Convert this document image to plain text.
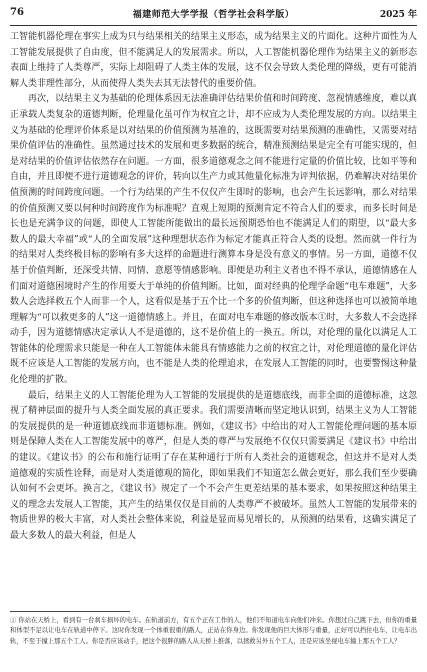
76	福建师范大学学报（哲学社会科学版）	2025 年

工智能机器伦理在事实上成为只与结果相关的结果主义形态，成为结果主义的片面化。这种片面性为人工智能发展提供了自由度，但不能满足人的发展需求。所以，人工智能机器伦理作为结果主义的新形态表面上维持了人类尊严，实际上却阻碍了人类主体的发展，这不仅会导致人类伦理的降级，更有可能消解人类非理性部分，从而使得人类失去其无法替代的重要价值。

再次，以结果主义为基础的伦理体系因无法准确评估结果价值和时间跨度、忽视情感维度，难以真正承载人类复杂的道德判断，伦理量化虽可作为权宜之计，却不应成为人类伦理发展的方向。以结果主义为基础的伦理评价体系是以对结果的价值预测为基准的，这既需要对结果预测的准确性，又需要对结果价值评估的准确性。虽然通过技术的发展和更多数据的统合，精准预测结果是完全有可能实现的，但是对结果的价值评估依然存在问题。一方面，很多道德观念之间不能进行定量的价值比较，比如平等和自由，并且即便不进行道德观念的评价，转向以生产力或其他量化标准为评判依据，仍难解决对结果价值预测的时间跨度问题。一个行为结果的产生不仅仅产生即时的影响，也会产生长远影响，那么对结果的价值预测又要以何种时间跨度作为标准呢？直观上短期的预测肯定不符合人们的要求，而多长时间是长也是充满争议的问题，即使人工智能所能做出的最长远预期恐怕也不能满足人们的期望，以“最大多数人的最大幸福”或“人的全面发展”这种理想状态作为标定才能真正符合人类的设想。然而就一件行为的结果对人类终极目标的影响有多大这样的命题进行测算本身是没有意义的事情。另一方面，道德不仅基于价值判断，还深受共情、同情、意愿等情感影响。即便是功利主义者也不得不承认，道德情感在人们面对道德困境时产生的作用要大于单纯的价值判断。比如，面对经典的伦理学命题“电车难题”，大多数人会选择救五个人而非一个人，这看似是基于五个比一个多的价值判断，但这种选择也可以被简单地理解为“可以救更多的人”这一道德情感上。并且，在面对电车难题的修改版本①时，大多数人不会选择动手，因为道德情感决定承认人不是道德的，这不是价值上的一换五。所以，对伦理的量化以满足人工智能体的伦理需求只能是一种在人工智能体未能具有情感能力之前的权宜之计，对伦理道德的量化评估既不应该是人工智能的发展方向，也不能是人类的伦理追求，在发展人工智能的同时，也要警惕这种量化伦理的扩散。

最后，结果主义的人工智能伦理为人工智能的发展提供的是道德底线，而非全面的道德标准，这忽视了精神层面的提升与人类全面发展的真正要求。我们需要清晰而坚定地认识到，结果主义为人工智能的发展提供的是一种道德底线而非道德标准。例如，《建议书》中给出的对人工智能伦理问题的基本原则是保障人类在人工智能发展中的尊严，但是人类的尊严与发展绝不仅仅只需要满足《建议书》中给出的建议。《建议书》的公布和施行证明了存在某种通行于所有人类社会的道德观念，但这并不是对人类道德观的实质性诠释，而是对人类道德观的简化，即如果我们不知道怎么做会更好，那么我们至少要确认如何不会更坏。换言之，《建议书》规定了一个不会产生更差结果的基本要求，如果按照这种结果主义的理念去发展人工智能，其产生的结果仅仅是目前的人类尊严不被破坏。虽然人工智能的发展带来的物质世界的极大丰富，对人类社会整体来说，利益是显而易见增长的，从预测的结果看，这确实满足了最大多数人的最大利益，但是人

① 你站在天桥上，看到有一台刹车损坏的电车。在轨道前方，有五个正在工作的人，他们不知道电车向他们冲来。你想过自己跳下去，但你的重量和体型不足以让电车在轨道中停下。这时你发现一个体重很重的路人，正站在你身边。你发现他的巨大体形与重量，正好可以挡住电车，让电车出轨，不至于撞上那五个工人。你是否应该动手，把这个很胖的路人从天桥上推落，以拯救另外五个工人，还是应该坐视电车撞上那五个工人？
